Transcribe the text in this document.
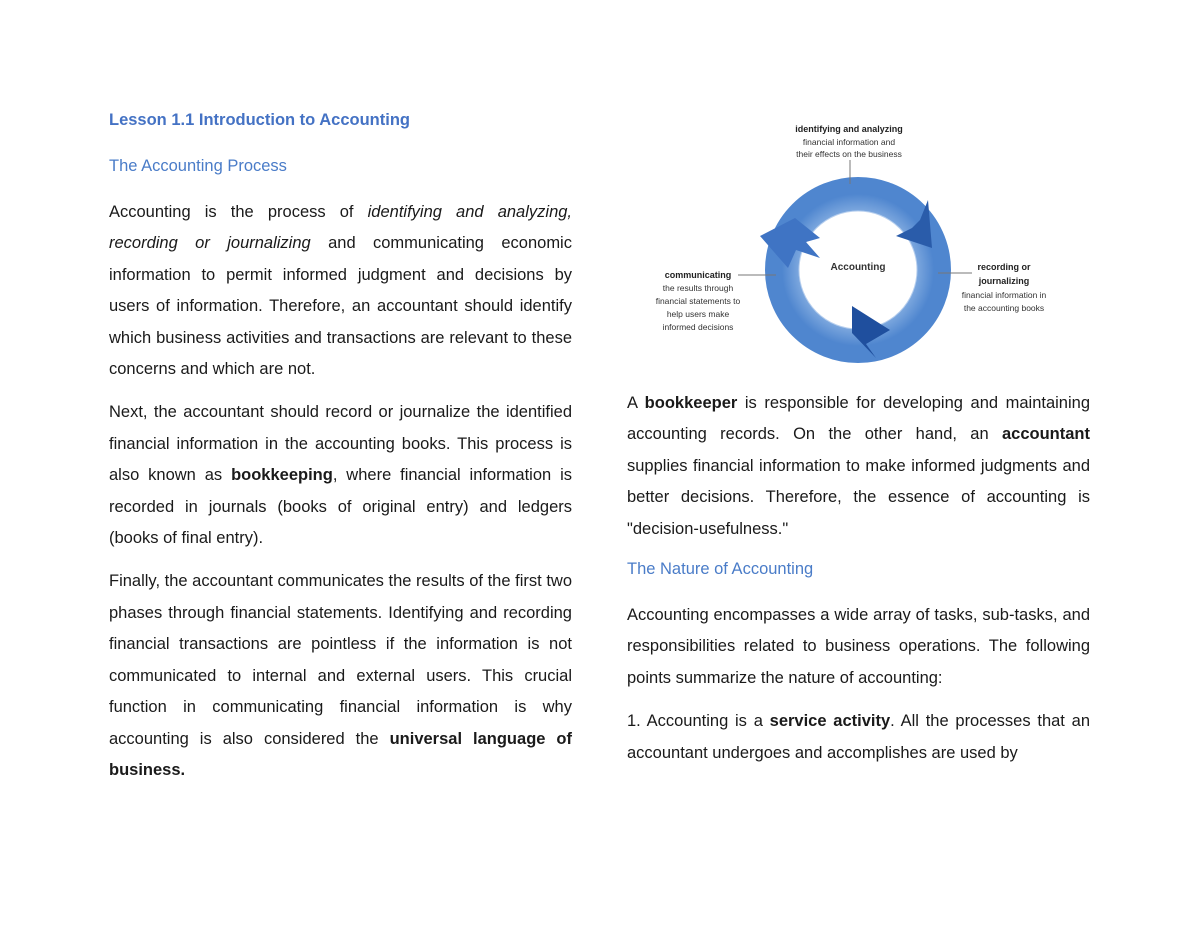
Lesson 1.1 Introduction to Accounting
The Accounting Process

Accounting is the process of identifying and analyzing, recording or journalizing and communicating economic information to permit informed judgment and decisions by users of information. Therefore, an accountant should identify which business activities and transactions are relevant to these concerns and which are not.

Next, the accountant should record or journalize the identified financial information in the accounting books. This process is also known as bookkeeping, where financial information is recorded in journals (books of original entry) and ledgers (books of final entry).

Finally, the accountant communicates the results of the first two phases through financial statements. Identifying and recording financial transactions are pointless if the information is not communicated to internal and external users. This crucial function in communicating financial information is why accounting is also considered the universal language of business.

Accounting
identifying and analyzing
financial information and
their effects on the business
recording or
journalizing
financial information in
the accounting books
communicating
the results through
financial statements to
help users make
informed decisions

A bookkeeper is responsible for developing and maintaining accounting records. On the other hand, an accountant supplies financial information to make informed judgments and better decisions. Therefore, the essence of accounting is "decision-usefulness."

The Nature of Accounting

Accounting encompasses a wide array of tasks, sub-tasks, and responsibilities related to business operations. The following points summarize the nature of accounting:

1. Accounting is a service activity. All the processes that an accountant undergoes and accomplishes are used by
